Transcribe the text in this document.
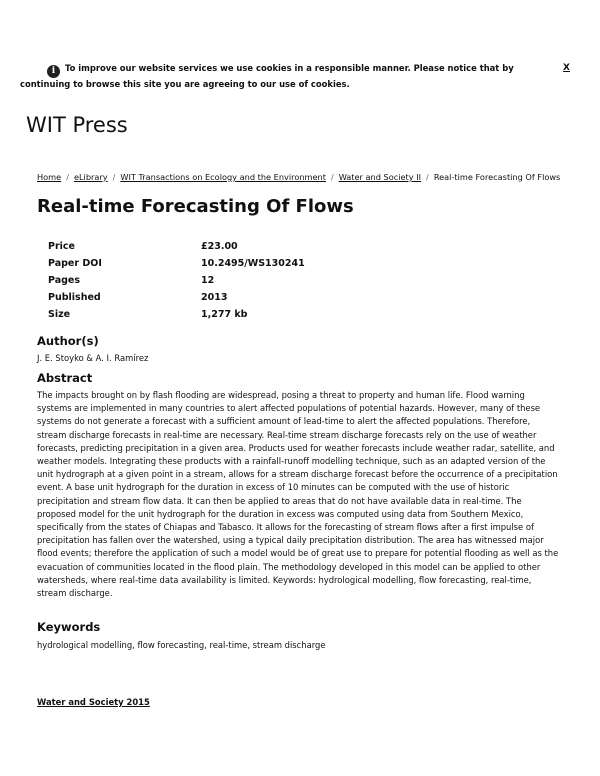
i To improve our website services we use cookies in a responsible manner. Please notice that by continuing to browse this site you are agreeing to our use of cookies.
X
WIT Press
Home / eLibrary / WIT Transactions on Ecology and the Environment / Water and Society II / Real-time Forecasting Of Flows
Real-time Forecasting Of Flows
Price	£23.00
Paper DOI	10.2495/WS130241
Pages	12
Published	2013
Size	1,277 kb
Author(s)
J. E. Stoyko & A. I. Ramírez
Abstract

The impacts brought on by flash flooding are widespread, posing a threat to property and human life. Flood warning systems are implemented in many countries to alert affected populations of potential hazards. However, many of these systems do not generate a forecast with a sufficient amount of lead-time to alert the affected populations. Therefore, stream discharge forecasts in real-time are necessary. Real-time stream discharge forecasts rely on the use of weather forecasts, predicting precipitation in a given area. Products used for weather forecasts include weather radar, satellite, and weather models. Integrating these products with a rainfall-runoff modelling technique, such as an adapted version of the unit hydrograph at a given point in a stream, allows for a stream discharge forecast before the occurrence of a precipitation event. A base unit hydrograph for the duration in excess of 10 minutes can be computed with the use of historic precipitation and stream flow data. It can then be applied to areas that do not have available data in real-time. The proposed model for the unit hydrograph for the duration in excess was computed using data from Southern Mexico, specifically from the states of Chiapas and Tabasco. It allows for the forecasting of stream flows after a first impulse of precipitation has fallen over the watershed, using a typical daily precipitation distribution. The area has witnessed major flood events; therefore the application of such a model would be of great use to prepare for potential flooding as well as the evacuation of communities located in the flood plain. The methodology developed in this model can be applied to other watersheds, where real-time data availability is limited. Keywords: hydrological modelling, flow forecasting, real-time, stream discharge.

Keywords
hydrological modelling, flow forecasting, real-time, stream discharge
Water and Society 2015
